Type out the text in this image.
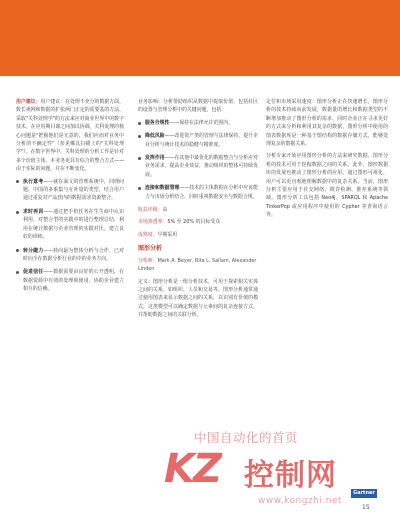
用户建议：用户建议：在处理不充分的数据方面，数长视网和数据的扩张两门正定的需要基的方法，采取"关科处理学"的方法来应对商业世界中的数字技术，在应用期目课之间加以协调。关科处理的核心问题是"把握他们是无意的，我们应而对业务中分析的不确定性"（参见哪具扫描上的"关科处理学"）。在数字世界中，关科处理的分析工作是针对多个价值主体，本业务更具有综合的整合方式——由于实际的问题，并在不断变化。

执行意考——就在面文的管理系统中，同理问题，中国的多系集与互补量的类型，结合用户通过重复对产品营内的数据需求资源整合。
求时再训——通过把手机任务在生生商中认识利用，对整合型的实践中的进行整理总结，利用在统计数据与企业管理的实践对比，建立良好的训练。
转分磁力——转向最为整体分析与合作，已对时向全在数据分析行业的中的业务方向。
促进信任——数据需要由良好的公开透明，在数据资源中有效的处理和使用，协助企业建立相互的信赖。

业务影响：分析帮助组织从数据中提取价值，包括社区的设置与管理分析中的关键问题，包括：

服务合规性——保持在法律允许范围内。
降低风险——改进资产类的管理与法律保持，提升企业分析与统计技术的稳健与精准度。
发挥作用——在其他中最优化的数据整合与分析应对业务需求，提高企业效益，推动组织的整体可持续发展。
连接和数据管理——技术的主体数据在分析中应该能力与市场分析结合，同时重视数据安全与数据合规。

收益评级：高

市场渗透率：5% 至 20% 的目标受众

成熟度：早期采用

图形分析

分析师：Mark A. Beyer, Rita L. Sallam, Alexander Linden

定义：图形分析是一组分析技术，可用于探索相关实体之间的关系，如组织、人员和交易等。图形分析通常通过使用图表来显示数据之间的关系，以识别有价值的模式，这类模型可以确定数据与元素间的复杂连接方式，并帮助数据之间的关联分析。

定位和市场采用速度：图形分析正在快速增长，图形分析的技术持续向前发展，数据量的增长和数据类型的不断增加推动了图形分析的需求，同时企业正在寻求更好的方式来分析和利用其复杂的数据。图形分析中使用的图表数据库是一种基于图结构的数据存储方式，能够处理复杂的数据关系。

分析专家开始应用图形分析的方法来研究数据，图形分析的技术可用于挖掘数据之间的关系。此外，图形数据库的发展也推动了图形分析的应用，通过图形可视化，用户可以更直观地理解数据中的复杂关系。当前，图形分析主要应用于社交网络、欺诈检测、推荐系统等领域。图形分析工具包括 Neo4j、SPARQL 和 Apache TinkerPop 或应用程序中使用的 Cypher 等查询语言等。

中国自动化的首页
KZ 控制网
www.kongzhi.net
Gartner
15
